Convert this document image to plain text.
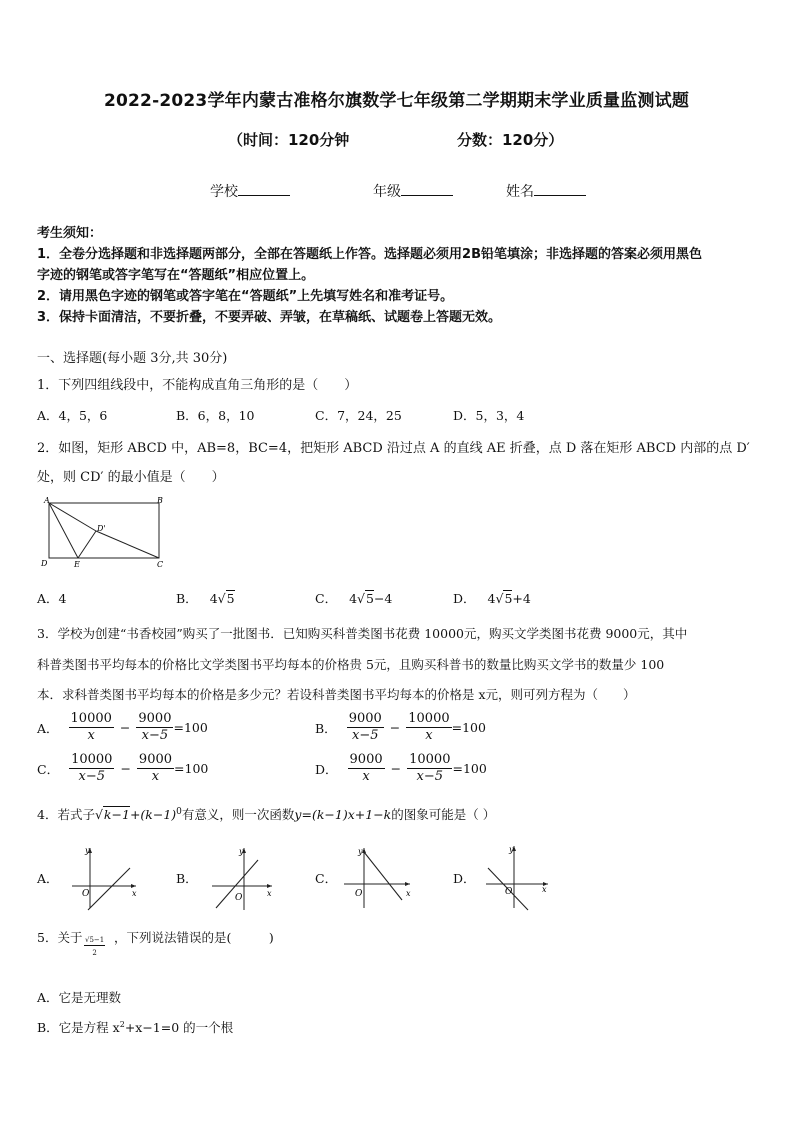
2022-2023学年内蒙古准格尔旗数学七年级第二学期期末学业质量监测试题
（时间：120分钟	分数：120分）
学校	年级	姓名
考生须知：
1．全卷分选择题和非选择题两部分，全部在答题纸上作答。选择题必须用2B铅笔填涂；非选择题的答案必须用黑色
字迹的钢笔或答字笔写在“答题纸”相应位置上。
2．请用黑色字迹的钢笔或答字笔在“答题纸”上先填写姓名和准考证号。
3．保持卡面清洁，不要折叠，不要弄破、弄皱，在草稿纸、试题卷上答题无效。
一、选择题(每小题 3分,共 30分)
1．下列四组线段中，不能构成直角三角形的是（　　）
A．4，5，6	B．6，8，10	C．7，24，25	D．5，3，4
2．如图，矩形 ABCD 中，AB=8，BC=4，把矩形 ABCD 沿过点 A 的直线 AE 折叠，点 D 落在矩形 ABCD 内部的点 D′
处，则 CD′ 的最小值是（　　）
A	B
C
D	E
D'
A．4	B． 4√5	C． 4√5−4	D． 4√5+4
3．学校为创建“书香校园”购买了一批图书．已知购买科普类图书花费 10000元，购买文学类图书花费 9000元，其中
科普类图书平均每本的价格比文学类图书平均每本的价格贵 5元，且购买科普书的数量比购买文学书的数量少 100
本．求科普类图书平均每本的价格是多少元？若设科普类图书平均每本的价格是 x元，则可列方程为（　　）
A． $\frac{10000}{x} - \frac{9000}{x-5} =100$	B． $\frac{9000}{x-5} - \frac{10000}{x} =100$
C． $\frac{10000}{x-5} - \frac{9000}{x} =100$	D． $\frac{9000}{x} - \frac{10000}{x-5} =100$
4．若式子$√k-1+(k-1)^0$有意义，则一次函数y=(k−1)x+1−k的图象可能是（ ）
A．
y
x
O
B．
y
x
O
C．
y
x
O
D．
y
x
O
5．关于 $\frac{√5-1}{2}$ ，下列说法错误的是(　　　)
A．它是无理数
B．它是方程 $x^2+x-1=0$ 的一个根
